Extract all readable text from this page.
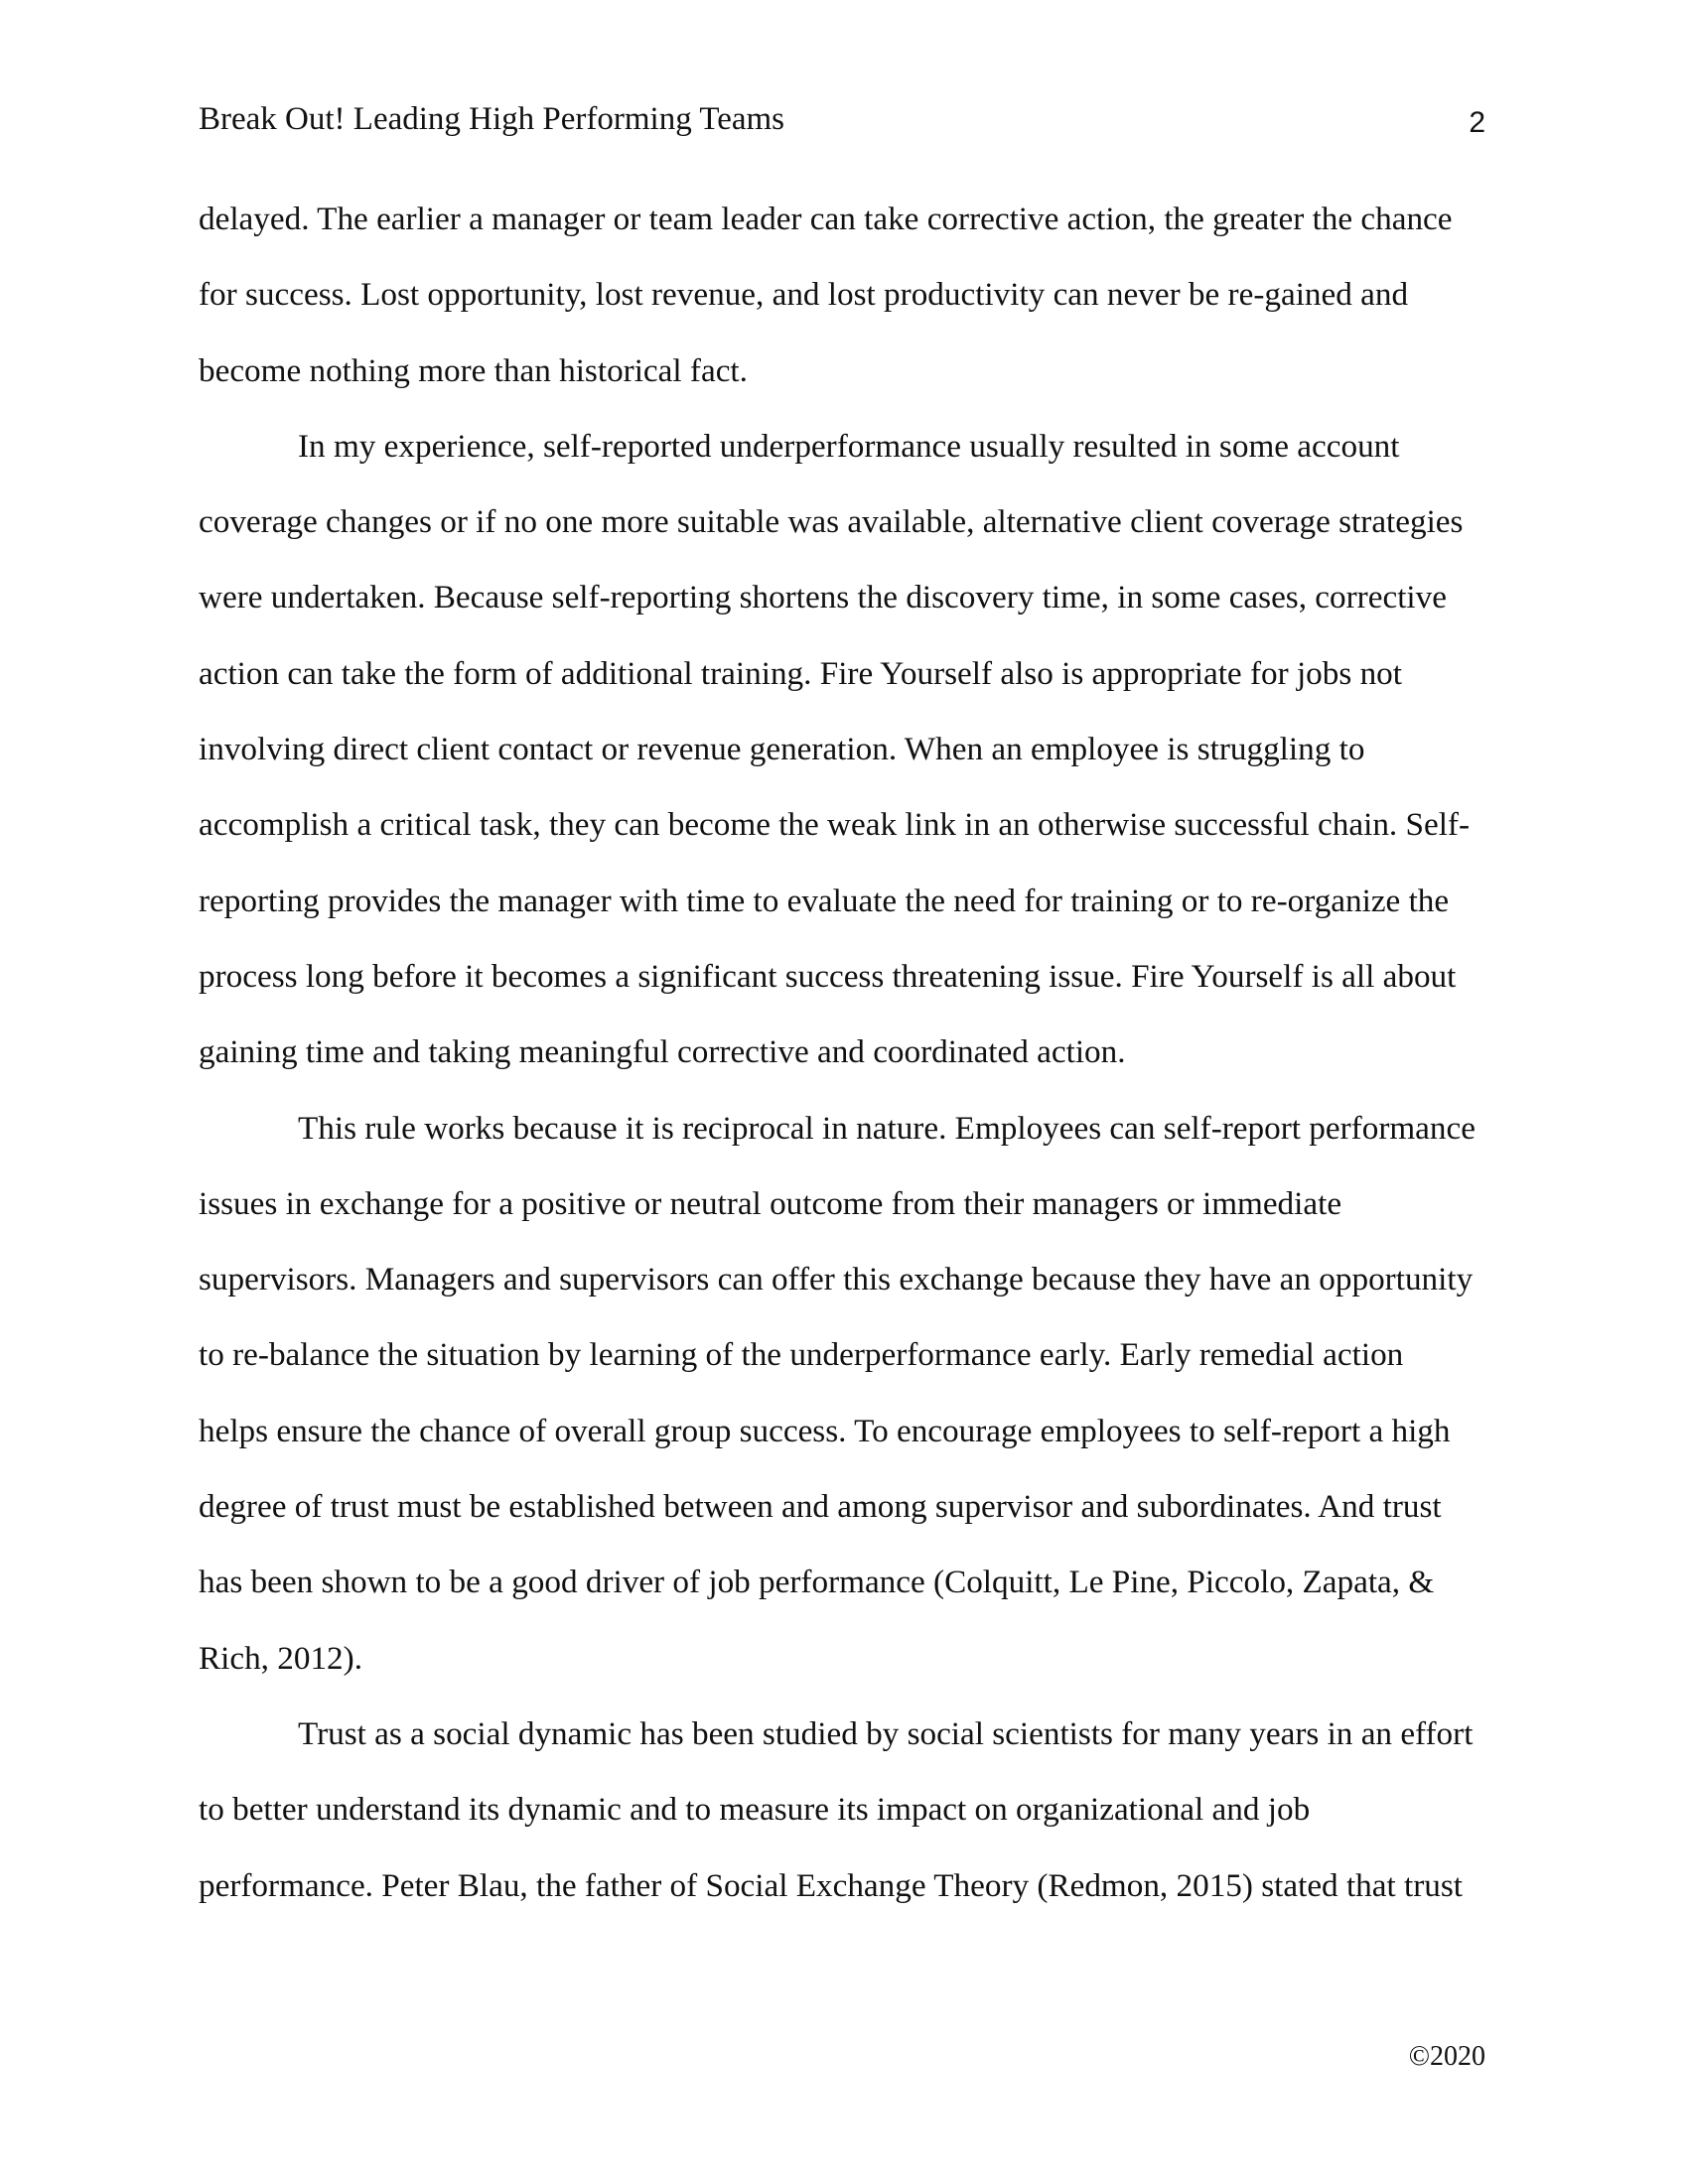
Break Out! Leading High Performing Teams	2
delayed. The earlier a manager or team leader can take corrective action, the greater the chance
for success. Lost opportunity, lost revenue, and lost productivity can never be re-gained and
become nothing more than historical fact.
In my experience, self-reported underperformance usually resulted in some account
coverage changes or if no one more suitable was available, alternative client coverage strategies
were undertaken. Because self-reporting shortens the discovery time, in some cases, corrective
action can take the form of additional training. Fire Yourself also is appropriate for jobs not
involving direct client contact or revenue generation. When an employee is struggling to
accomplish a critical task, they can become the weak link in an otherwise successful chain. Self-
reporting provides the manager with time to evaluate the need for training or to re-organize the
process long before it becomes a significant success threatening issue. Fire Yourself is all about
gaining time and taking meaningful corrective and coordinated action.
This rule works because it is reciprocal in nature. Employees can self-report performance
issues in exchange for a positive or neutral outcome from their managers or immediate
supervisors. Managers and supervisors can offer this exchange because they have an opportunity
to re-balance the situation by learning of the underperformance early. Early remedial action
helps ensure the chance of overall group success. To encourage employees to self-report a high
degree of trust must be established between and among supervisor and subordinates. And trust
has been shown to be a good driver of job performance (Colquitt, Le Pine, Piccolo, Zapata, &
Rich, 2012).
Trust as a social dynamic has been studied by social scientists for many years in an effort
to better understand its dynamic and to measure its impact on organizational and job
performance. Peter Blau, the father of Social Exchange Theory (Redmon, 2015) stated that trust
©2020
